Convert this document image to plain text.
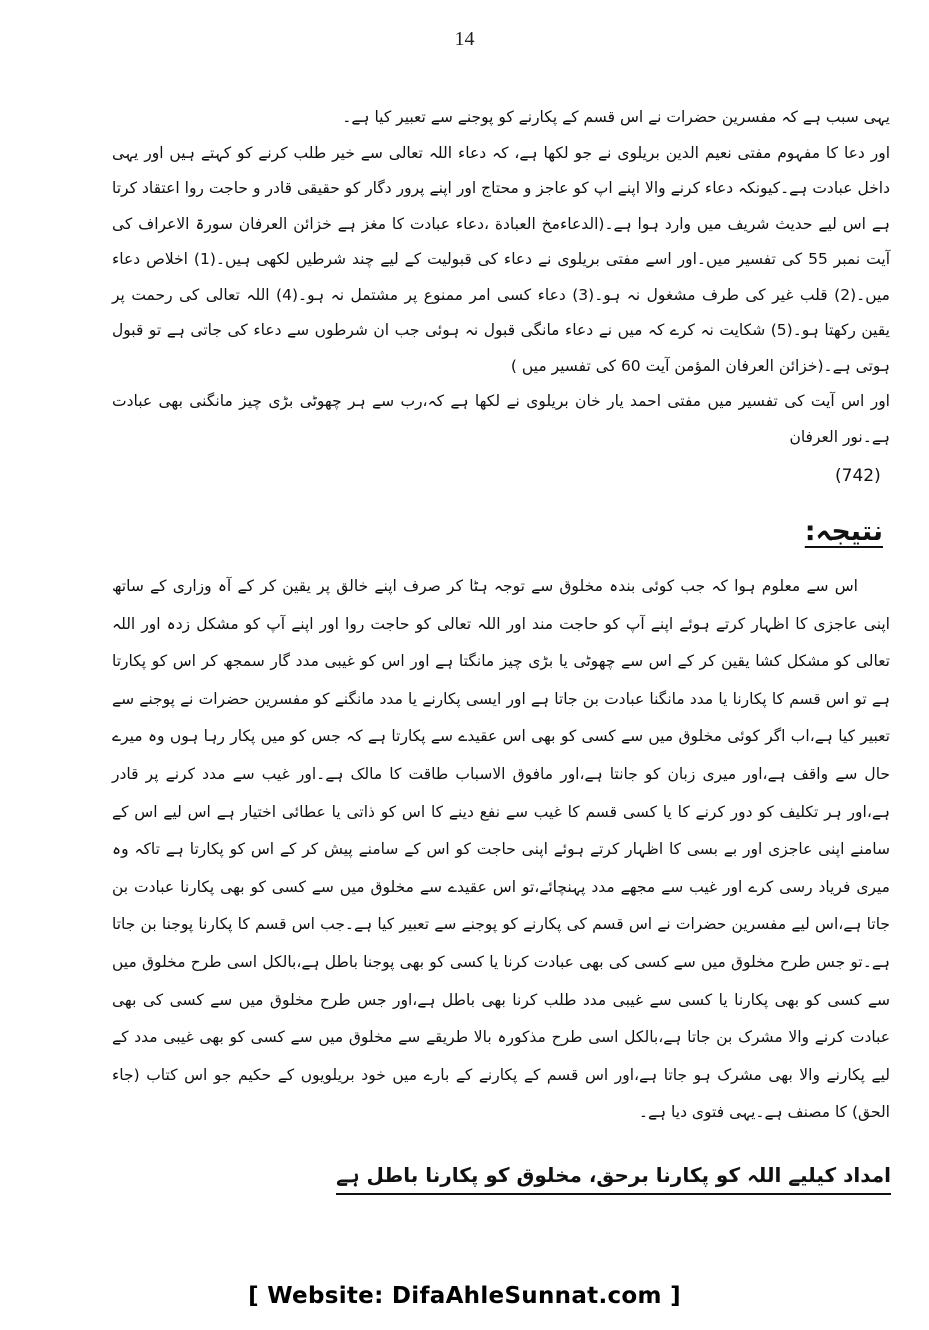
14

یہی سبب ہے کہ مفسرین حضرات نے اس قسم کے پکارنے کو پوجنے سے تعبیر کیا ہے۔

اور دعا کا مفہوم مفتی نعیم الدین بریلوی نے جو لکھا ہے، کہ دعاء اللہ تعالی سے خیر طلب کرنے کو کہتے ہیں اور یہی داخل عبادت ہے۔کیونکہ دعاء کرنے والا اپنے اپ کو عاجز و محتاج اور اپنے پرور دگار کو حقیقی قادر و حاجت روا اعتقاد کرتا ہے اس لیے حدیث شریف میں وارد ہوا ہے۔(الدعاءمخ العبادة ،دعاء عبادت کا مغز ہے خزائن العرفان سورۃ الاعراف کی آیت نمبر 55 کی تفسیر میں۔اور اسے مفتی بریلوی نے دعاء کی قبولیت کے لیے چند شرطیں لکھی ہیں۔(1) اخلاص دعاء میں۔(2) قلب غیر کی طرف مشغول نہ ہو۔(3) دعاء کسی امر ممنوع پر مشتمل نہ ہو۔(4) اللہ تعالی کی رحمت پر یقین رکھتا ہو۔(5) شکایت نہ کرے کہ میں نے دعاء مانگی قبول نہ ہوئی جب ان شرطوں سے دعاء کی جاتی ہے تو قبول ہوتی ہے۔(خزائن العرفان المؤمن آیت 60 کی تفسیر میں )

اور اس آیت کی تفسیر میں مفتی احمد یار خان بریلوی نے لکھا ہے کہ،رب سے ہر چھوٹی بڑی چیز مانگنی بھی عبادت ہے۔نور العرفان

(742)
نتیجہ:

اس سے معلوم ہوا کہ جب کوئی بندہ مخلوق سے توجہ ہٹا کر صرف اپنے خالق پر یقین کر کے آہ وزاری کے ساتھ اپنی عاجزی کا اظہار کرتے ہوئے اپنے آپ کو حاجت مند اور اللہ تعالی کو حاجت روا اور اپنے آپ کو مشکل زدہ اور اللہ تعالی کو مشکل کشا یقین کر کے اس سے چھوٹی یا بڑی چیز مانگتا ہے اور اس کو غیبی مدد گار سمجھ کر اس کو پکارتا ہے تو اس قسم کا پکارنا یا مدد مانگنا عبادت بن جاتا ہے اور ایسی پکارنے یا مدد مانگنے کو مفسرین حضرات نے پوجنے سے تعبیر کیا ہے،اب اگر کوئی مخلوق میں سے کسی کو بھی اس عقیدے سے پکارتا ہے کہ جس کو میں پکار رہا ہوں وہ میرے حال سے واقف ہے،اور میری زبان کو جانتا ہے،اور مافوق الاسباب طاقت کا مالک ہے۔اور غیب سے مدد کرنے پر قادر ہے،اور ہر تکلیف کو دور کرنے کا یا کسی قسم کا غیب سے نفع دینے کا اس کو ذاتی یا عطائی اختیار ہے اس لیے اس کے سامنے اپنی عاجزی اور بے بسی کا اظہار کرتے ہوئے اپنی حاجت کو اس کے سامنے پیش کر کے اس کو پکارتا ہے تاکہ وہ میری فریاد رسی کرے اور غیب سے مجھے مدد پہنچائے،تو اس عقیدے سے مخلوق میں سے کسی کو بھی پکارنا عبادت بن جاتا ہے،اس لیے مفسرین حضرات نے اس قسم کی پکارنے کو پوجنے سے تعبیر کیا ہے۔جب اس قسم کا پکارنا پوجنا بن جاتا ہے۔تو جس طرح مخلوق میں سے کسی کی بھی عبادت کرنا یا کسی کو بھی پوجنا باطل ہے،بالکل اسی طرح مخلوق میں سے کسی کو بھی پکارنا یا کسی سے غیبی مدد طلب کرنا بھی باطل ہے،اور جس طرح مخلوق میں سے کسی کی بھی عبادت کرنے والا مشرک بن جاتا ہے،بالکل اسی طرح مذکورہ بالا طریقے سے مخلوق میں سے کسی کو بھی غیبی مدد کے لیے پکارنے والا بھی مشرک ہو جاتا ہے،اور اس قسم کے پکارنے کے بارے میں خود بریلویوں کے حکیم جو اس کتاب (جاء الحق) کا مصنف ہے۔یہی فتوی دیا ہے۔

امداد کیلیے اللہ کو پکارنا برحق، مخلوق کو پکارنا باطل ہے
[ Website: DifaAhleSunnat.com ]
